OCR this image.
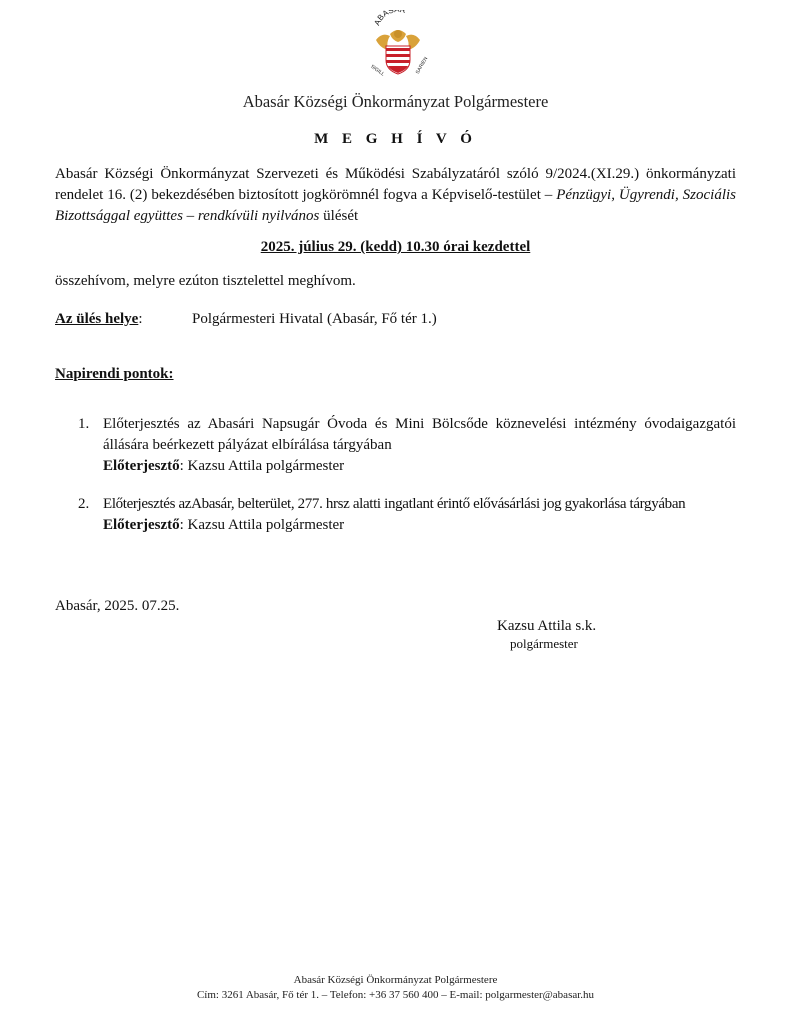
ABAS R
SIGILL	SARIEN
Abasár Községi Önkormányzat Polgármestere
M E G H Í V Ó
Abasár Községi Önkormányzat Szervezeti és Működési Szabályzatáról szóló 9/2024.(XI.29.) önkormányzati rendelet 16. (2) bekezdésében biztosított jogkörömnél fogva a Képviselő-testület – Pénzügyi, Ügyrendi, Szociális Bizottsággal együttes – rendkívüli nyilvános ülését
2025. július 29. (kedd) 10.30 órai kezdettel
összehívom, melyre ezúton tisztelettel meghívom.
Az ülés helye:	Polgármesteri Hivatal (Abasár, Fő tér 1.)
Napirendi pontok:
1. Előterjesztés az Abasári Napsugár Óvoda és Mini Bölcsőde köznevelési intézmény óvodaigazgatói állására beérkezett pályázat elbírálása tárgyában
Előterjesztő: Kazsu Attila polgármester
2. Előterjesztés azAbasár, belterület, 277. hrsz alatti ingatlant érintő elővásárlási jog gyakorlása tárgyában
Előterjesztő: Kazsu Attila polgármester
Abasár, 2025. 07.25.
Kazsu Attila s.k.
polgármester
Abasár Községi Önkormányzat Polgármestere
Cím: 3261 Abasár, Fő tér 1. – Telefon: +36 37 560 400 – E-mail: polgarmester@abasar.hu
